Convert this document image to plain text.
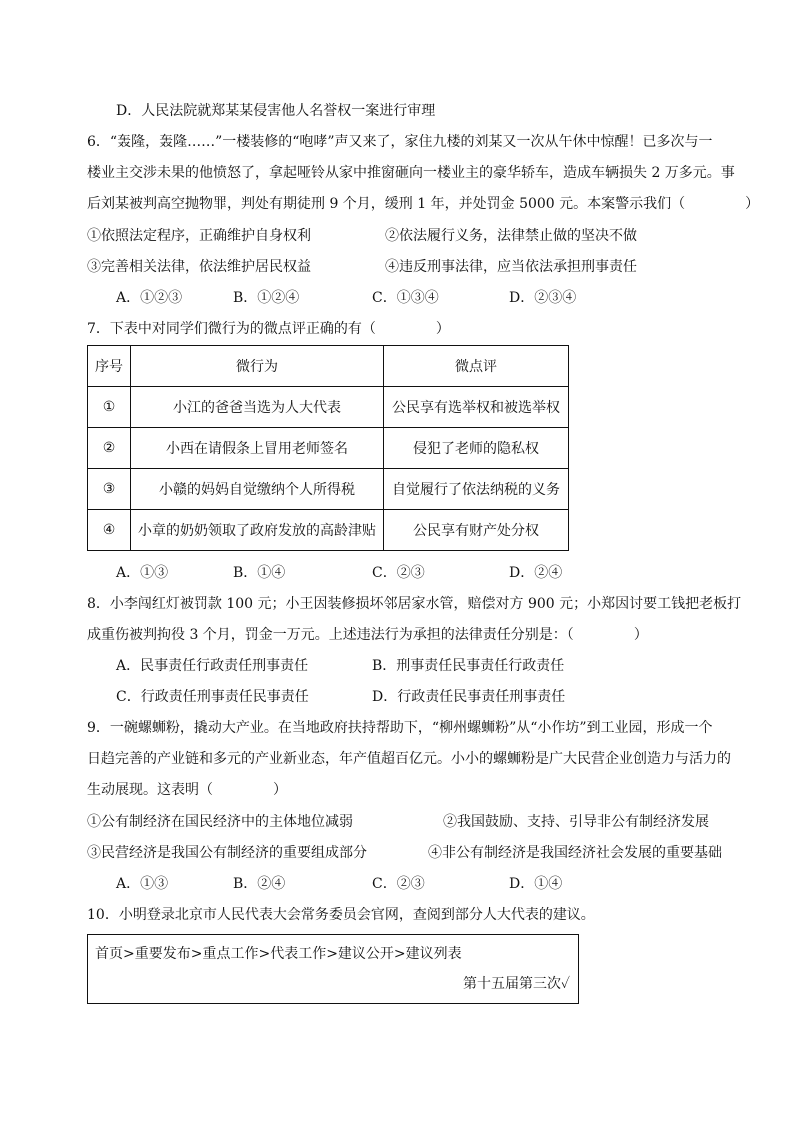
D．人民法院就郑某某侵害他人名誉权一案进行审理
6．“轰隆，轰隆……”一楼装修的“咆哮”声又来了，家住九楼的刘某又一次从午休中惊醒！已多次与一
楼业主交涉未果的他愤怒了，拿起哑铃从家中推窗砸向一楼业主的豪华轿车，造成车辆损失 2 万多元。事
后刘某被判高空抛物罪，判处有期徒刑 9 个月，缓刑 1 年，并处罚金 5000 元。本案警示我们（	）
①依照法定程序，正确维护自身权利	②依法履行义务，法律禁止做的坚决不做
③完善相关法律，依法维护居民权益	④违反刑事法律，应当依法承担刑事责任
A．①②③	B．①②④	C．①③④	D．②③④
7．下表中对同学们微行为的微点评正确的有（	）
序号	微行为	微点评
①	小江的爸爸当选为人大代表	公民享有选举权和被选举权
②	小西在请假条上冒用老师签名	侵犯了老师的隐私权
③	小赣的妈妈自觉缴纳个人所得税	自觉履行了依法纳税的义务
④	小章的奶奶领取了政府发放的高龄津贴	公民享有财产处分权
A．①③	B．①④	C．②③	D．②④
8．小李闯红灯被罚款 100 元；小王因装修损坏邻居家水管，赔偿对方 900 元；小郑因讨要工钱把老板打
成重伤被判拘役 3 个月，罚金一万元。上述违法行为承担的法律责任分别是：（	）
A．民事责任行政责任刑事责任	B．刑事责任民事责任行政责任
C．行政责任刑事责任民事责任	D．行政责任民事责任刑事责任
9．一碗螺蛳粉，撬动大产业。在当地政府扶持帮助下，“柳州螺蛳粉”从“小作坊”到工业园，形成一个
日趋完善的产业链和多元的产业新业态，年产值超百亿元。小小的螺蛳粉是广大民营企业创造力与活力的
生动展现。这表明（	）
①公有制经济在国民经济中的主体地位减弱	②我国鼓励、支持、引导非公有制经济发展
③民营经济是我国公有制经济的重要组成部分	④非公有制经济是我国经济社会发展的重要基础
A．①③	B．②④	C．②③	D．①④
10．小明登录北京市人民代表大会常务委员会官网，查阅到部分人大代表的建议。
首页>重要发布>重点工作>代表工作>建议公开>建议列表
第十五届第三次✓
